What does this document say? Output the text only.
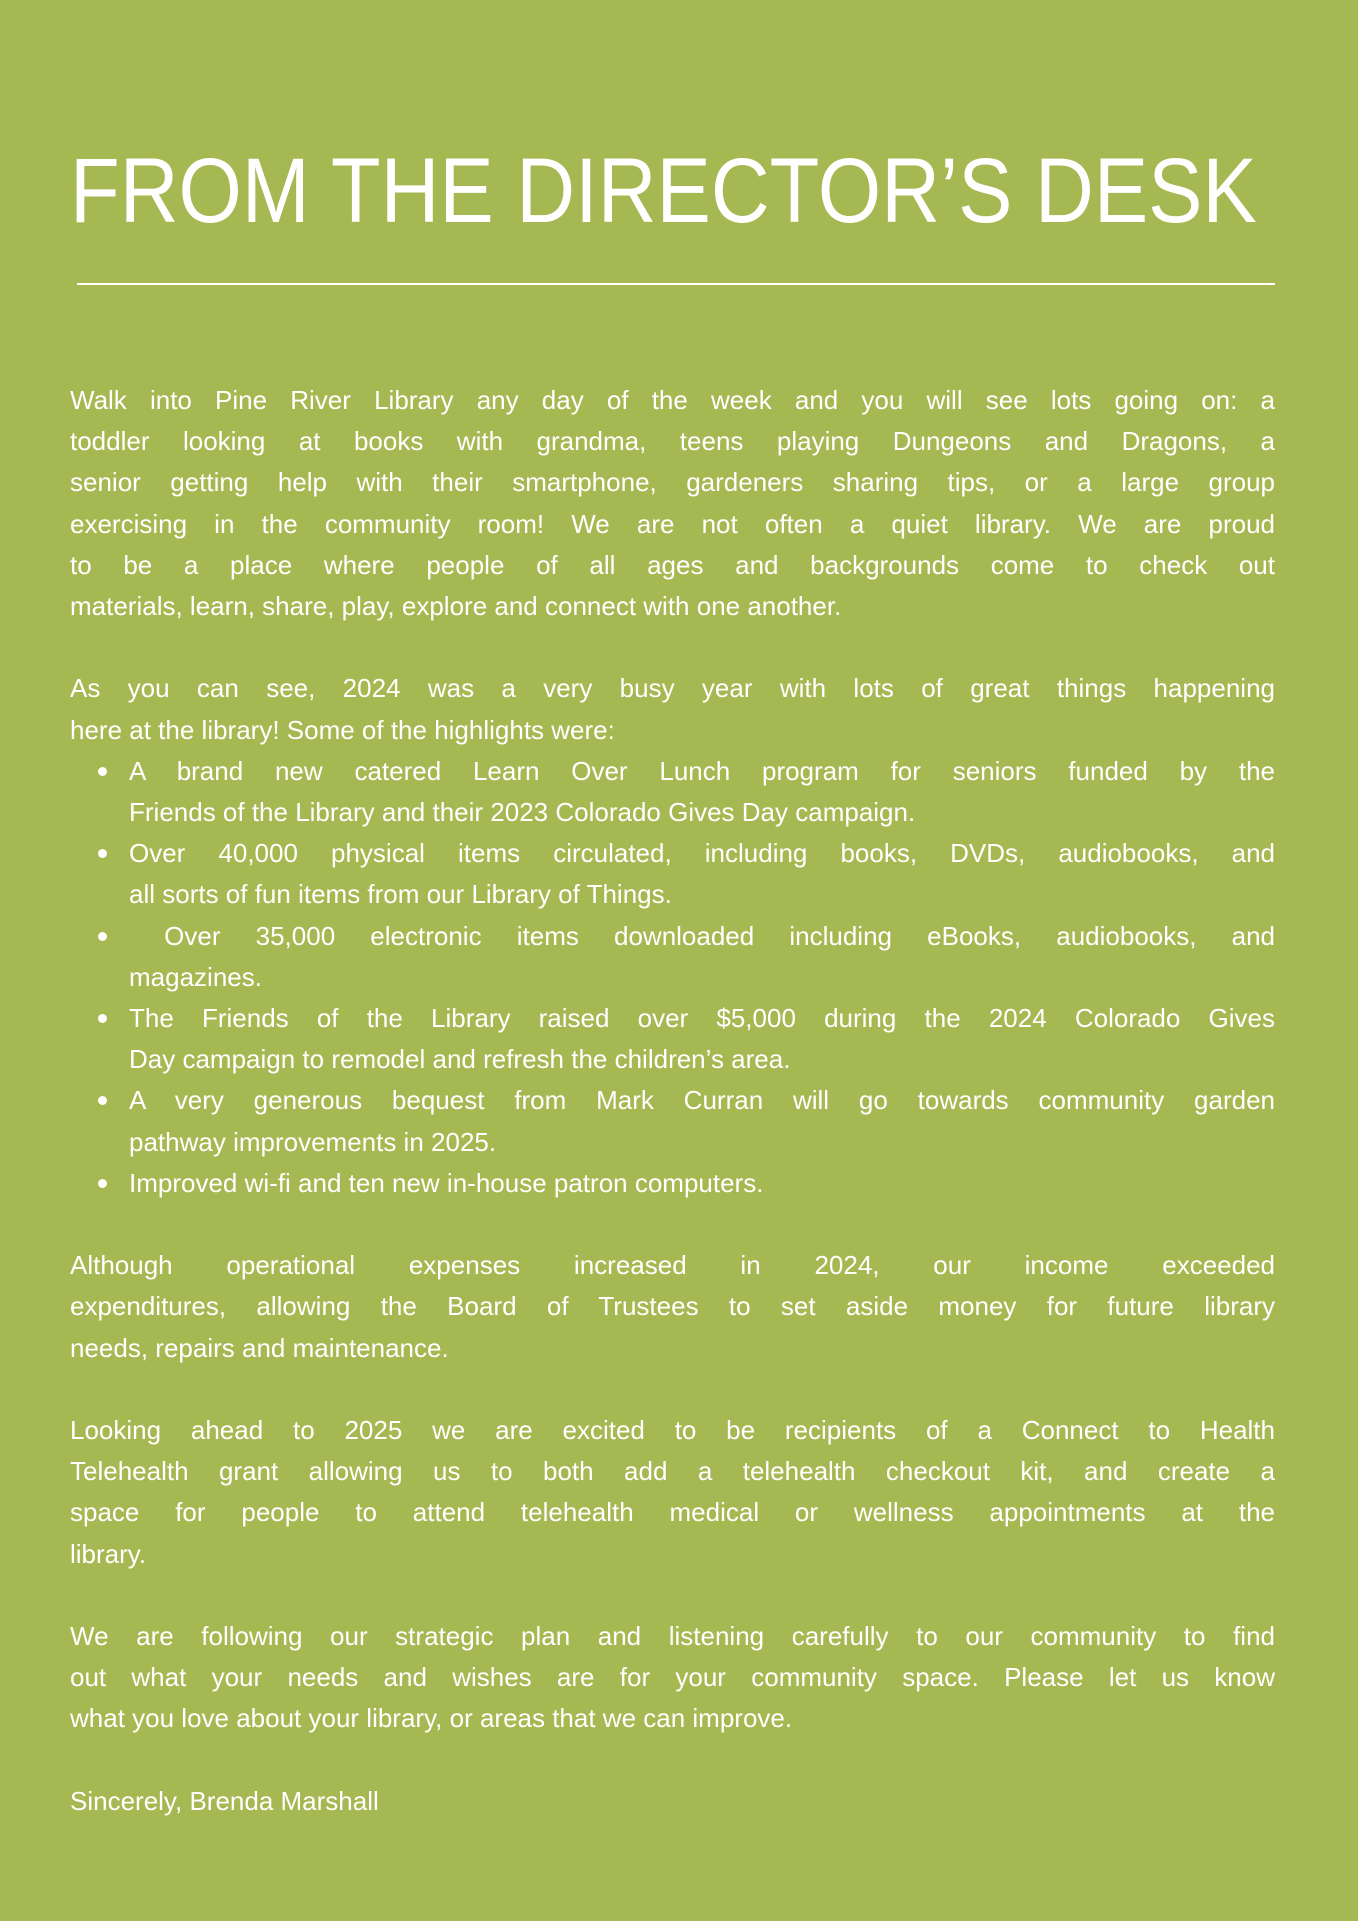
FROM THE DIRECTOR’S DESK
Walk into Pine River Library any day of the week and you will see lots going on: a
toddler looking at books with grandma, teens playing Dungeons and Dragons, a
senior getting help with their smartphone, gardeners sharing tips, or a large group
exercising in the community room! We are not often a quiet library. We are proud
to be a place where people of all ages and backgrounds come to check out
materials, learn, share, play, explore and connect with one another.
As you can see, 2024 was a very busy year with lots of great things happening
here at the library! Some of the highlights were:
A brand new catered Learn Over Lunch program for seniors funded by the
Friends of the Library and their 2023 Colorado Gives Day campaign.
Over 40,000 physical items circulated, including books, DVDs, audiobooks, and
all sorts of fun items from our Library of Things.
Over 35,000 electronic items downloaded including eBooks, audiobooks, and
magazines.
The Friends of the Library raised over $5,000 during the 2024 Colorado Gives
Day campaign to remodel and refresh the children’s area.
A very generous bequest from Mark Curran will go towards community garden
pathway improvements in 2025.
Improved wi-fi and ten new in-house patron computers.
Although operational expenses increased in 2024, our income exceeded
expenditures, allowing the Board of Trustees to set aside money for future library
needs, repairs and maintenance.
Looking ahead to 2025 we are excited to be recipients of a Connect to Health
Telehealth grant allowing us to both add a telehealth checkout kit, and create a
space for people to attend telehealth medical or wellness appointments at the
library.
We are following our strategic plan and listening carefully to our community to find
out what your needs and wishes are for your community space. Please let us know
what you love about your library, or areas that we can improve.
Sincerely, Brenda Marshall
